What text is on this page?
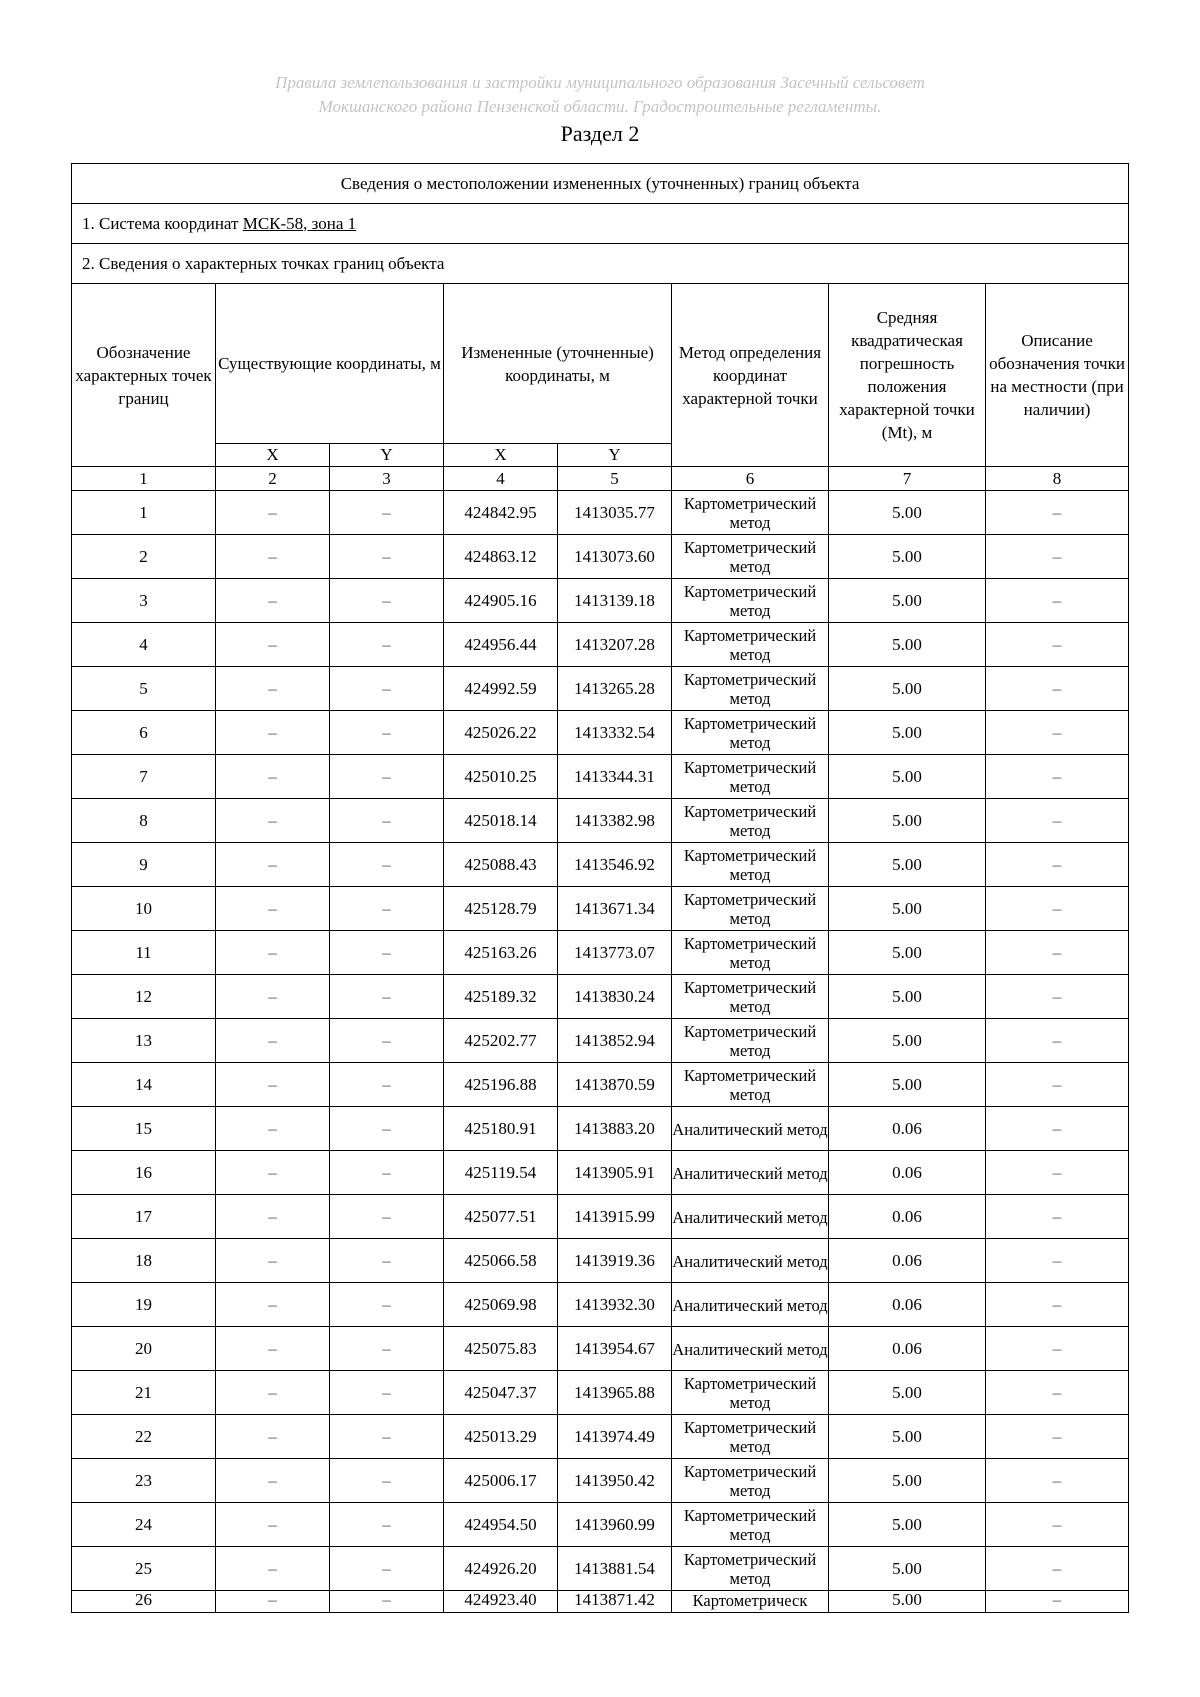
Правила землепользования и застройки муниципального образования Засечный сельсовет
Мокшанского района Пензенской области. Градостроительные регламенты.
Раздел 2
Сведения о местоположении измененных (уточненных) границ объекта							
1. Система координат МСК-58, зона 1							
2. Сведения о характерных точках границ объекта							
Обозначение характерных точек границ	Существующие координаты, м		Измененные (уточненные) координаты, м		Метод определения координат характерной точки	Средняя квадратическая погрешность положения характерной точки (Mt), м	Описание обозначения точки на местности (при наличии)
	X	Y	X	Y			
1	2	3	4	5	6	7	8
1	–	–	424842.95	1413035.77	Картометрический метод	5.00	–
2	–	–	424863.12	1413073.60	Картометрический метод	5.00	–
3	–	–	424905.16	1413139.18	Картометрический метод	5.00	–
4	–	–	424956.44	1413207.28	Картометрический метод	5.00	–
5	–	–	424992.59	1413265.28	Картометрический метод	5.00	–
6	–	–	425026.22	1413332.54	Картометрический метод	5.00	–
7	–	–	425010.25	1413344.31	Картометрический метод	5.00	–
8	–	–	425018.14	1413382.98	Картометрический метод	5.00	–
9	–	–	425088.43	1413546.92	Картометрический метод	5.00	–
10	–	–	425128.79	1413671.34	Картометрический метод	5.00	–
11	–	–	425163.26	1413773.07	Картометрический метод	5.00	–
12	–	–	425189.32	1413830.24	Картометрический метод	5.00	–
13	–	–	425202.77	1413852.94	Картометрический метод	5.00	–
14	–	–	425196.88	1413870.59	Картометрический метод	5.00	–
15	–	–	425180.91	1413883.20	Аналитический метод	0.06	–
16	–	–	425119.54	1413905.91	Аналитический метод	0.06	–
17	–	–	425077.51	1413915.99	Аналитический метод	0.06	–
18	–	–	425066.58	1413919.36	Аналитический метод	0.06	–
19	–	–	425069.98	1413932.30	Аналитический метод	0.06	–
20	–	–	425075.83	1413954.67	Аналитический метод	0.06	–
21	–	–	425047.37	1413965.88	Картометрический метод	5.00	–
22	–	–	425013.29	1413974.49	Картометрический метод	5.00	–
23	–	–	425006.17	1413950.42	Картометрический метод	5.00	–
24	–	–	424954.50	1413960.99	Картометрический метод	5.00	–
25	–	–	424926.20	1413881.54	Картометрический метод	5.00	–
26	–	–	424923.40	1413871.42	Картометрическ	5.00	–
